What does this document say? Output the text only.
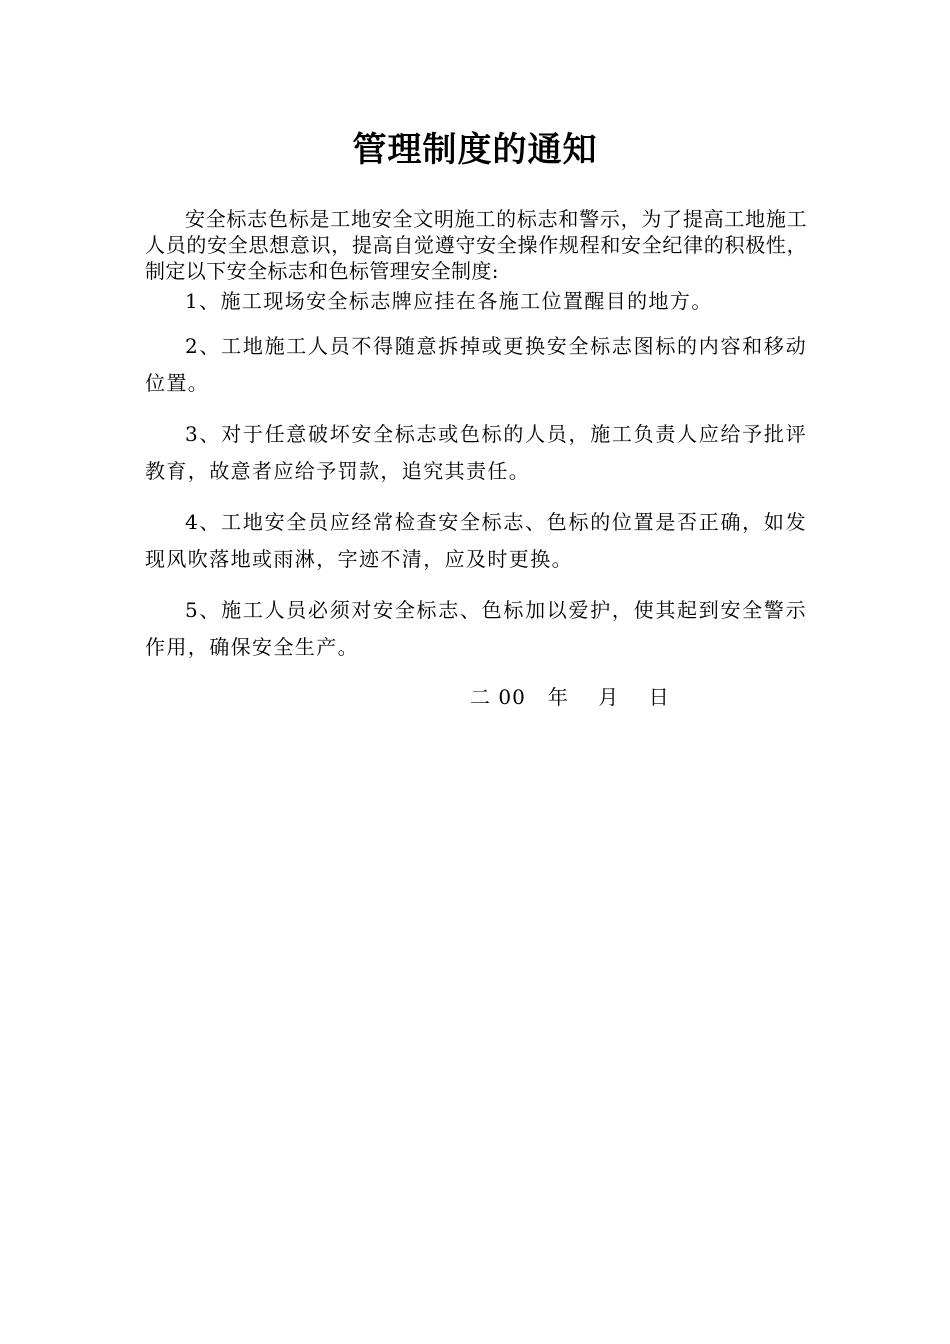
管理制度的通知

安全标志色标是工地安全文明施工的标志和警示，为了提高工地施工人员的安全思想意识，提高自觉遵守安全操作规程和安全纪律的积极性，制定以下安全标志和色标管理安全制度:

1、施工现场安全标志牌应挂在各施工位置醒目的地方。

2、工地施工人员不得随意拆掉或更换安全标志图标的内容和移动位置。

3、对于任意破坏安全标志或色标的人员，施工负责人应给予批评教育，故意者应给予罚款，追究其责任。

4、工地安全员应经常检查安全标志、色标的位置是否正确，如发现风吹落地或雨淋，字迹不清，应及时更换。

5、施工人员必须对安全标志、色标加以爱护，使其起到安全警示作用，确保安全生产。

二 00   年    月    日
